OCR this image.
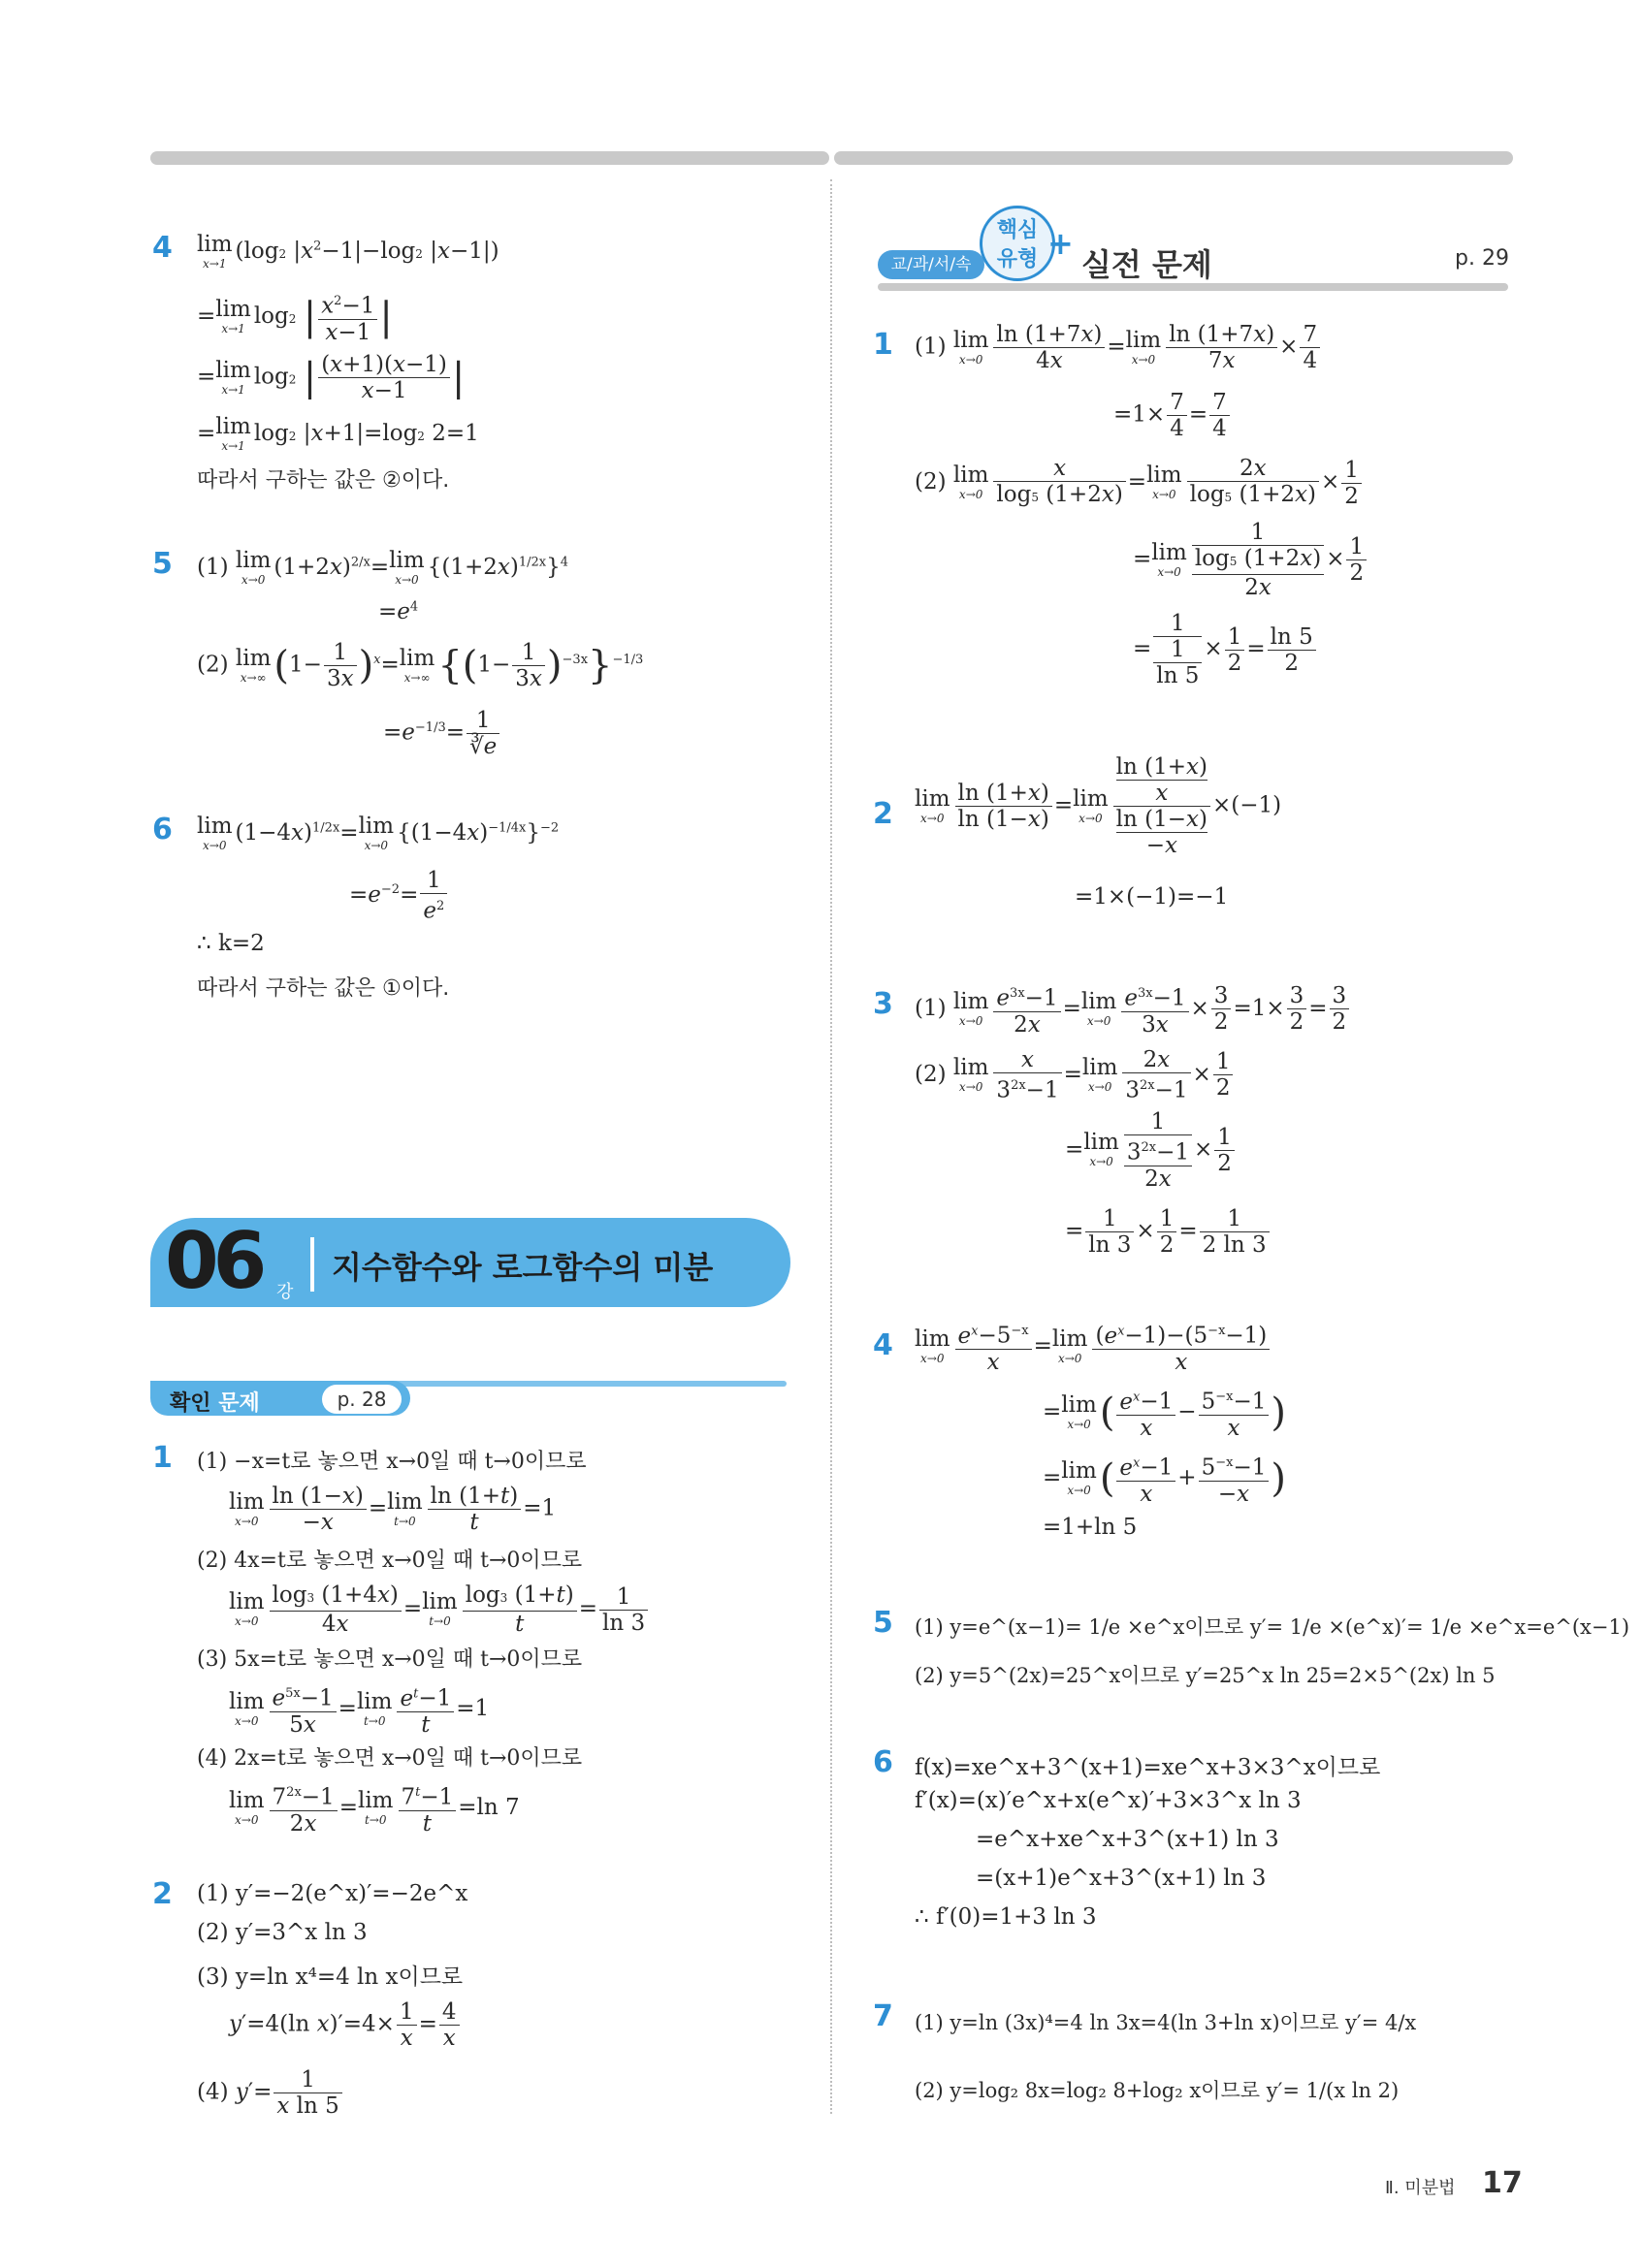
4 lim
x→1 (log2 $|x^2-1|-\log 2$ |x−1|)
= lim
x→1 log2 | $\frac{x^2-1}{x-1}$ |
= lim
x→1 log2 | $\frac{(x+1)(x-1)}{x-1}$ |
= lim
x→1 log2 |x+1|=log2 2=1
따라서 구하는 값은 ②이다.
5 (1) lim
x→0 $(1+2x)^{2/x}= \lim$
x→0 $\{(1+2x)^{1/2x}\}^4$
$=e^4$
(2) lim
x→∞ $(1- \frac{1}{3x} )^x= \lim$
x→∞ $\{(1- \frac{1}{3x} )^{-3x}\}^{-1/3}$
$=e^{-1/3}= \frac{1}{∛e}$
6 lim
x→0 $(1-4x)^{1/2x}= \lim$
x→0 $\{(1-4x)^{-1/4x}\}^{-2}$
$=e^{-2}= \frac{1}{e^2}$
∴ k=2
따라서 구하는 값은 ①이다.
06 강
지수함수와 로그함수의 미분
확인 문제	p. 28
1 (1) −x=t로 놓으면 x→0일 때 t→0이므로
lim
$x\to 0 \frac{\ln (1-x)}{-x} = \lim$
$t\to 0 \frac{\ln (1+t)}{t} =1$
(2) 4x=t로 놓으면 x→0일 때 t→0이므로
lim
$x\to 0 \frac{\log 3 (1+4x)}{4x} = \lim$
$t\to 0 \frac{\log 3 (1+t)}{t} = \frac{1}{\ln 3}$
(3) 5x=t로 놓으면 x→0일 때 t→0이므로
lim
$x\to 0 \frac{e^{5x}-1}{5x} = \lim$
$t\to 0 \frac{e^t-1}{t} =1$
(4) 2x=t로 놓으면 x→0일 때 t→0이므로
lim
$x\to 0 \frac{7^{2x}-1}{2x} = \lim$
$t\to 0 \frac{7^t-1}{t} =\ln$ 7
2 (1) y′=−2(e^x)′=−2e^x
(2) y′=3^x ln 3
(3) y=ln x⁴=4 ln x이므로
y′=4(ln $x)'=4\times \frac{1}{x} = \frac{4}{x}$
(4) $y'= \frac{1}{\text{x ln 5}}$
교/과/서/속
핵심
유형 +
실전 문제	p. 29
1 (1) lim
$x\to 0 \frac{\ln (1+7x)}{4x} = \lim$
$x\to 0 \frac{\ln (1+7x)}{7x} \times \frac{7}{4}$
$=1\times \frac{7}{4} = \frac{7}{4}$
(2) lim
$x\to 0 \frac{x}{\log 5 (1+2x)} = \lim$
$x\to 0 \frac{2x}{\log 5 (1+2x)} \times \frac{1}{2}$
= lim
x→0
1
log5 (1+2x)
2x
× $\frac{1}{2}$
=
1
1
ln 5
× $\frac{1}{2} = \frac{\ln 5}{2}$
2 lim
$x\to 0 \frac{\ln (1+x)}{\ln (1-x)} = \lim$
x→0 ln (1+x)
x
ln (1−x)
−x ×(−1)
=1×(−1)=−1
3 (1) lim
$x\to 0 \frac{e^{3x}-1}{2x} = \lim$
$x\to 0 \frac{e^{3x}-1}{3x} \times \frac{3}{2} =1\times \frac{3}{2} = \frac{3}{2}$
(2) lim
$x\to 0 \frac{x}{3^{2x}-1} = \lim$
$x\to 0 \frac{2x}{3^{2x}-1} \times \frac{1}{2}$
= lim
x→0
1
$3^{2x}-1$
2x
× $\frac{1}{2}$
= $\frac{1}{\ln 3} \times \frac{1}{2} = \frac{1}{2 \ln 3}$
4 lim
$x\to 0 \frac{e^x-5^{-x}}{x} = \lim$
$x\to 0 \frac{(e^x-1)-(5^{-x}-1)}{x}$
= lim
x→0 ( $\frac{e^x-1}{x} - \frac{5^{-x}-1}{x}$ )
= lim
x→0 ( $\frac{e^x-1}{x} + \frac{5^{-x}-1}{-x}$ )
=1+ln 5
5 (1) y=e^(x−1)= 1/e ×e^x이므로 y′= 1/e ×(e^x)′= 1/e ×e^x=e^(x−1)
(2) y=5^(2x)=25^x이므로 y′=25^x ln 25=2×5^(2x) ln 5
6 f(x)=xe^x+3^(x+1)=xe^x+3×3^x이므로
f′(x)=(x)′e^x+x(e^x)′+3×3^x ln 3
=e^x+xe^x+3^(x+1) ln 3
=(x+1)e^x+3^(x+1) ln 3
∴ f′(0)=1+3 ln 3
7 (1) y=ln (3x)⁴=4 ln 3x=4(ln 3+ln x)이므로 y′= 4/x
(2) y=log₂ 8x=log₂ 8+log₂ x이므로 y′= 1/(x ln 2)
Ⅱ. 미분법 17
